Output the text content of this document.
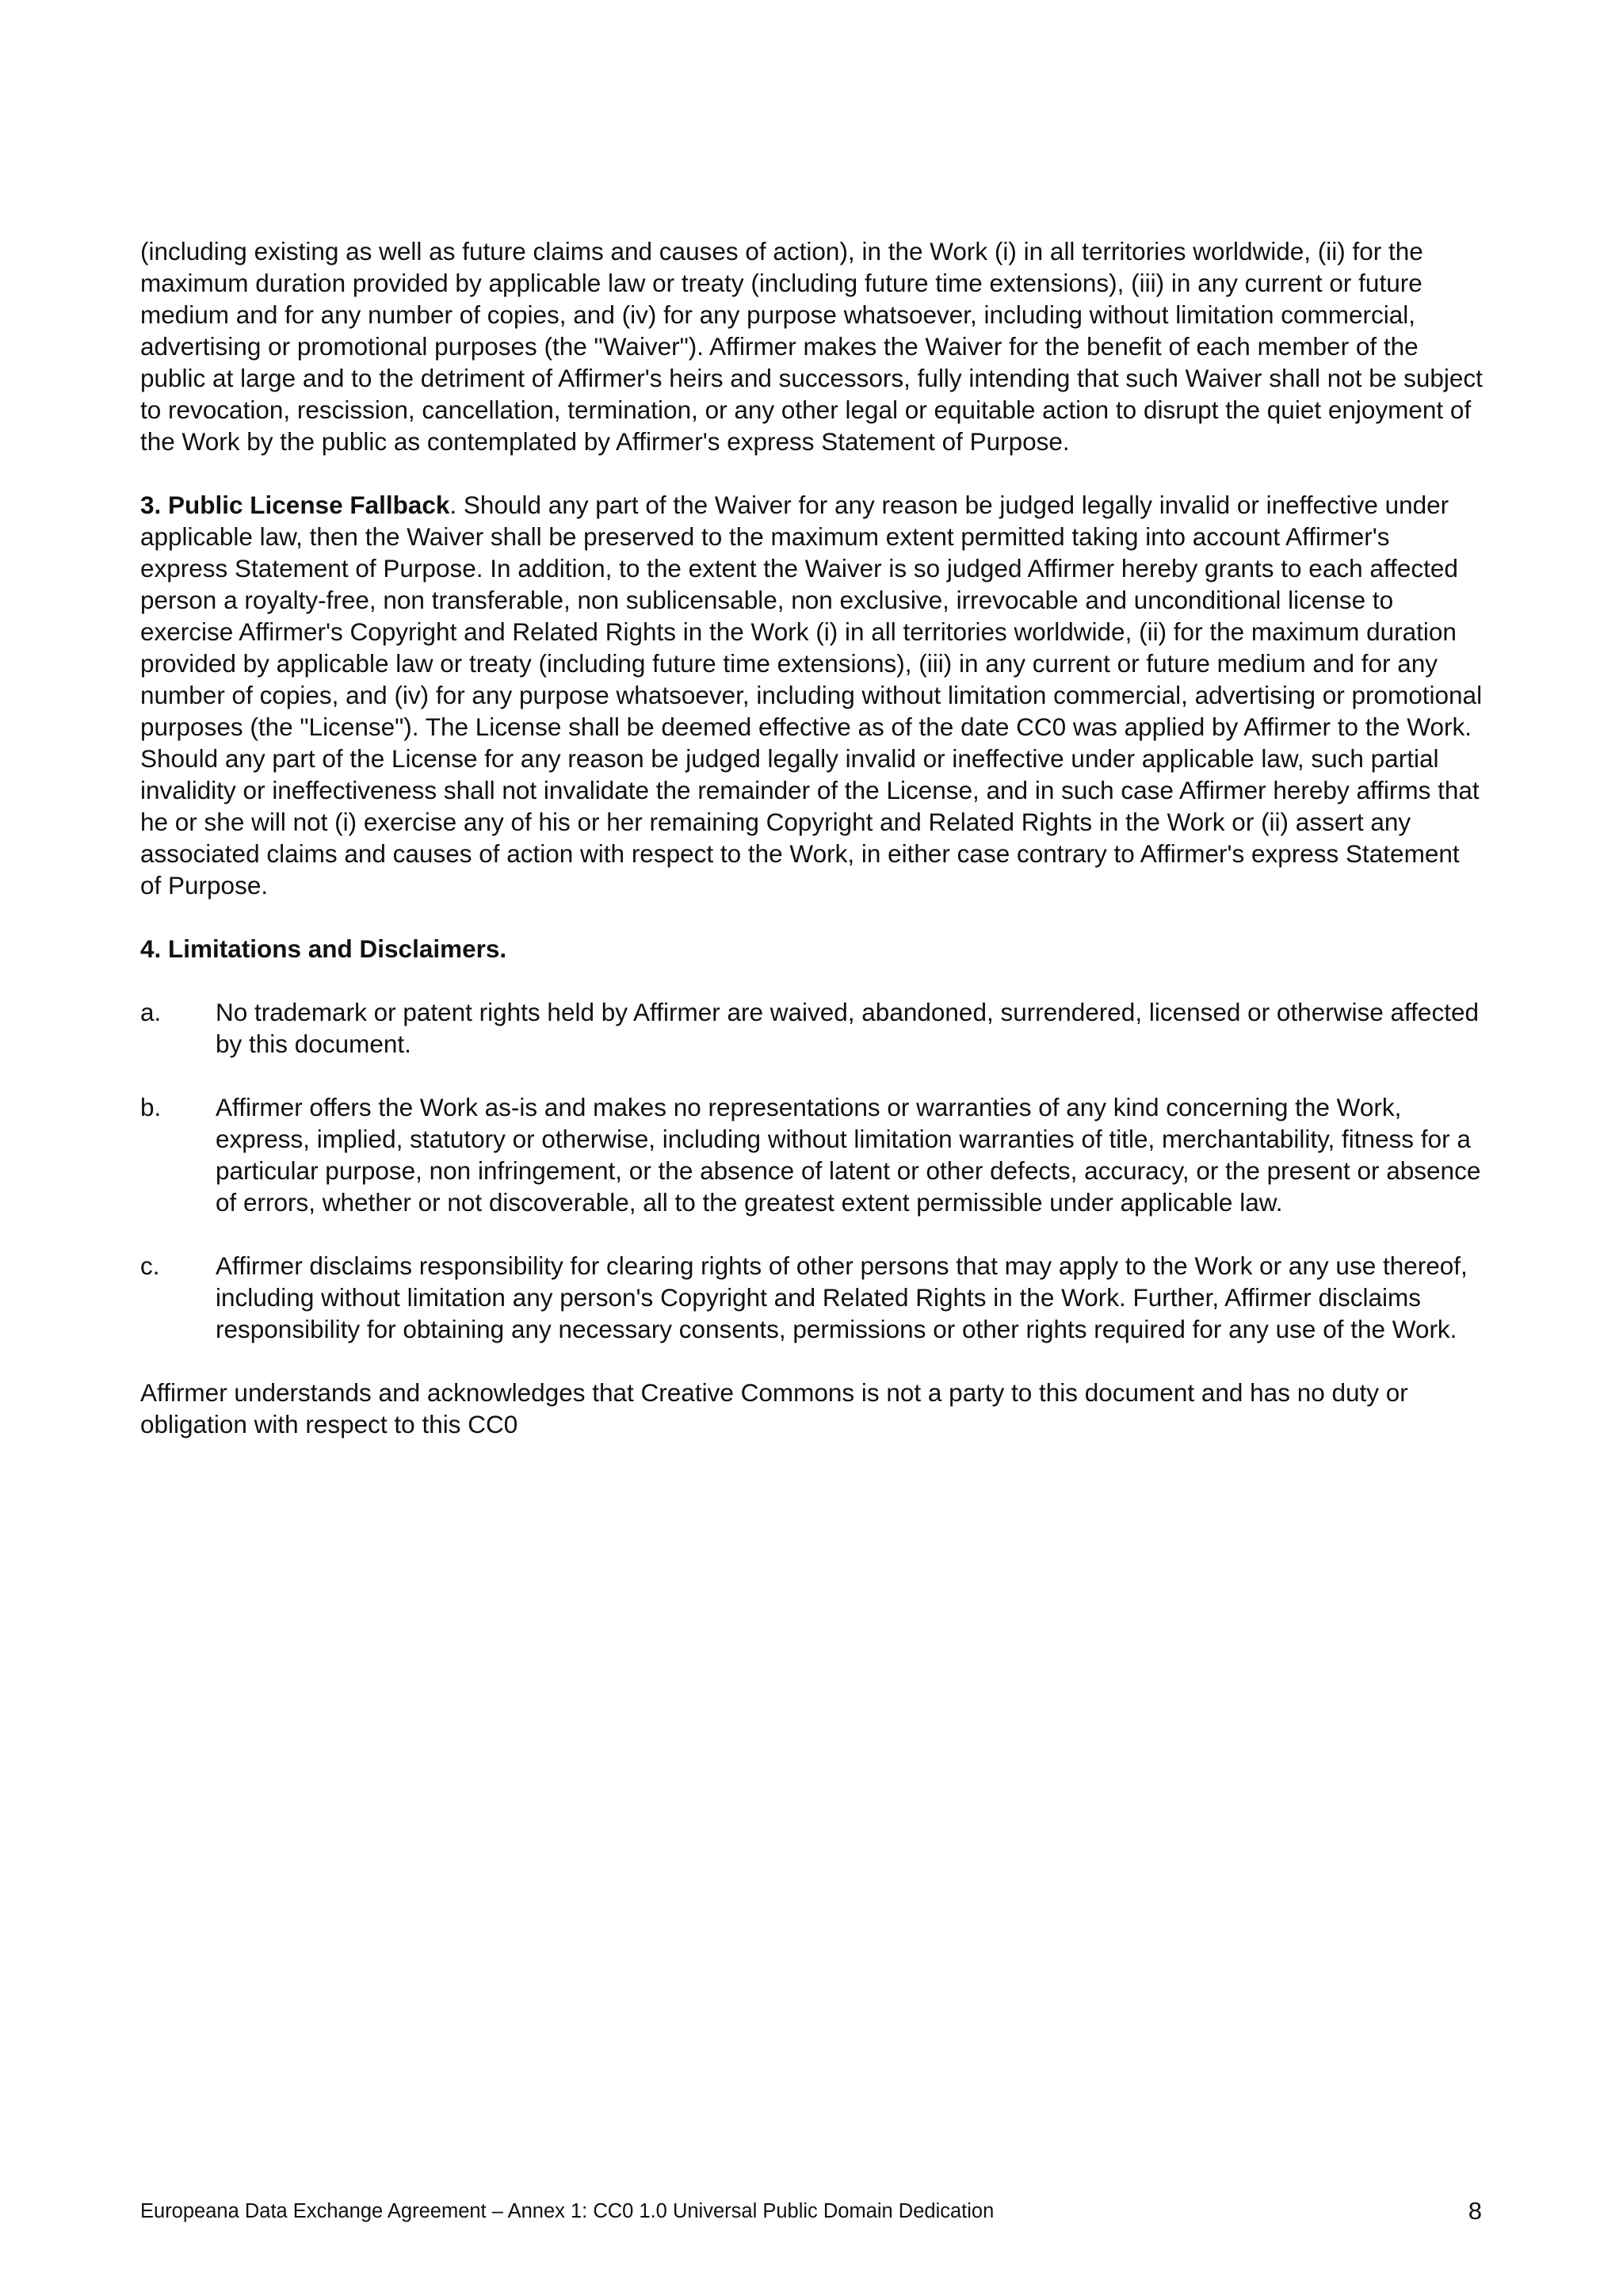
(including existing as well as future claims and causes of action), in the Work (i) in all territories worldwide, (ii) for the maximum duration provided by applicable law or treaty (including future time extensions), (iii) in any current or future medium and for any number of copies, and (iv) for any purpose whatsoever, including without limitation commercial, advertising or promotional purposes (the "Waiver"). Affirmer makes the Waiver for the benefit of each member of the public at large and to the detriment of Affirmer's heirs and successors, fully intending that such Waiver shall not be subject to revocation, rescission, cancellation, termination, or any other legal or equitable action to disrupt the quiet enjoyment of the Work by the public as contemplated by Affirmer's express Statement of Purpose.

3. Public License Fallback. Should any part of the Waiver for any reason be judged legally invalid or ineffective under applicable law, then the Waiver shall be preserved to the maximum extent permitted taking into account Affirmer's express Statement of Purpose. In addition, to the extent the Waiver is so judged Affirmer hereby grants to each affected person a royalty-free, non transferable, non sublicensable, non exclusive, irrevocable and unconditional license to exercise Affirmer's Copyright and Related Rights in the Work (i) in all territories worldwide, (ii) for the maximum duration provided by applicable law or treaty (including future time extensions), (iii) in any current or future medium and for any number of copies, and (iv) for any purpose whatsoever, including without limitation commercial, advertising or promotional purposes (the "License"). The License shall be deemed effective as of the date CC0 was applied by Affirmer to the Work. Should any part of the License for any reason be judged legally invalid or ineffective under applicable law, such partial invalidity or ineffectiveness shall not invalidate the remainder of the License, and in such case Affirmer hereby affirms that he or she will not (i) exercise any of his or her remaining Copyright and Related Rights in the Work or (ii) assert any associated claims and causes of action with respect to the Work, in either case contrary to Affirmer's express Statement of Purpose.

4. Limitations and Disclaimers.

a.	No trademark or patent rights held by Affirmer are waived, abandoned, surrendered, licensed or otherwise affected by this document.
b.	Affirmer offers the Work as-is and makes no representations or warranties of any kind concerning the Work, express, implied, statutory or otherwise, including without limitation warranties of title, merchantability, fitness for a particular purpose, non infringement, or the absence of latent or other defects, accuracy, or the present or absence of errors, whether or not discoverable, all to the greatest extent permissible under applicable law.
c.	Affirmer disclaims responsibility for clearing rights of other persons that may apply to the Work or any use thereof, including without limitation any person's Copyright and Related Rights in the Work. Further, Affirmer disclaims responsibility for obtaining any necessary consents, permissions or other rights required for any use of the Work.

Affirmer understands and acknowledges that Creative Commons is not a party to this document and has no duty or obligation with respect to this CC0

Europeana Data Exchange Agreement – Annex 1: CC0 1.0 Universal Public Domain Dedication	8
